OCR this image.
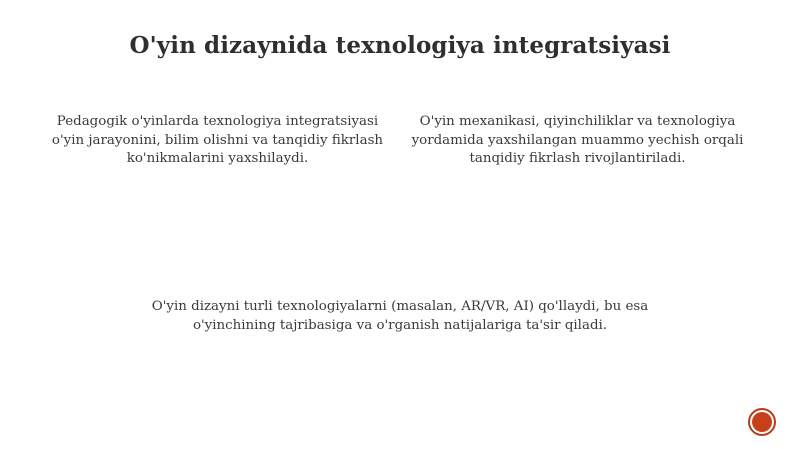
O'yin dizaynida texnologiya integratsiyasi
Pedagogik o'yinlarda texnologiya integratsiyasi o'yin jarayonini, bilim olishni va tanqidiy fikrlash ko'nikmalarini yaxshilaydi.
O'yin mexanikasi, qiyinchiliklar va texnologiya yordamida yaxshilangan muammo yechish orqali tanqidiy fikrlash rivojlantiriladi.
O'yin dizayni turli texnologiyalarni (masalan, AR/VR, AI) qo'llaydi, bu esa o'yinchining tajribasiga va o'rganish natijalariga ta'sir qiladi.
